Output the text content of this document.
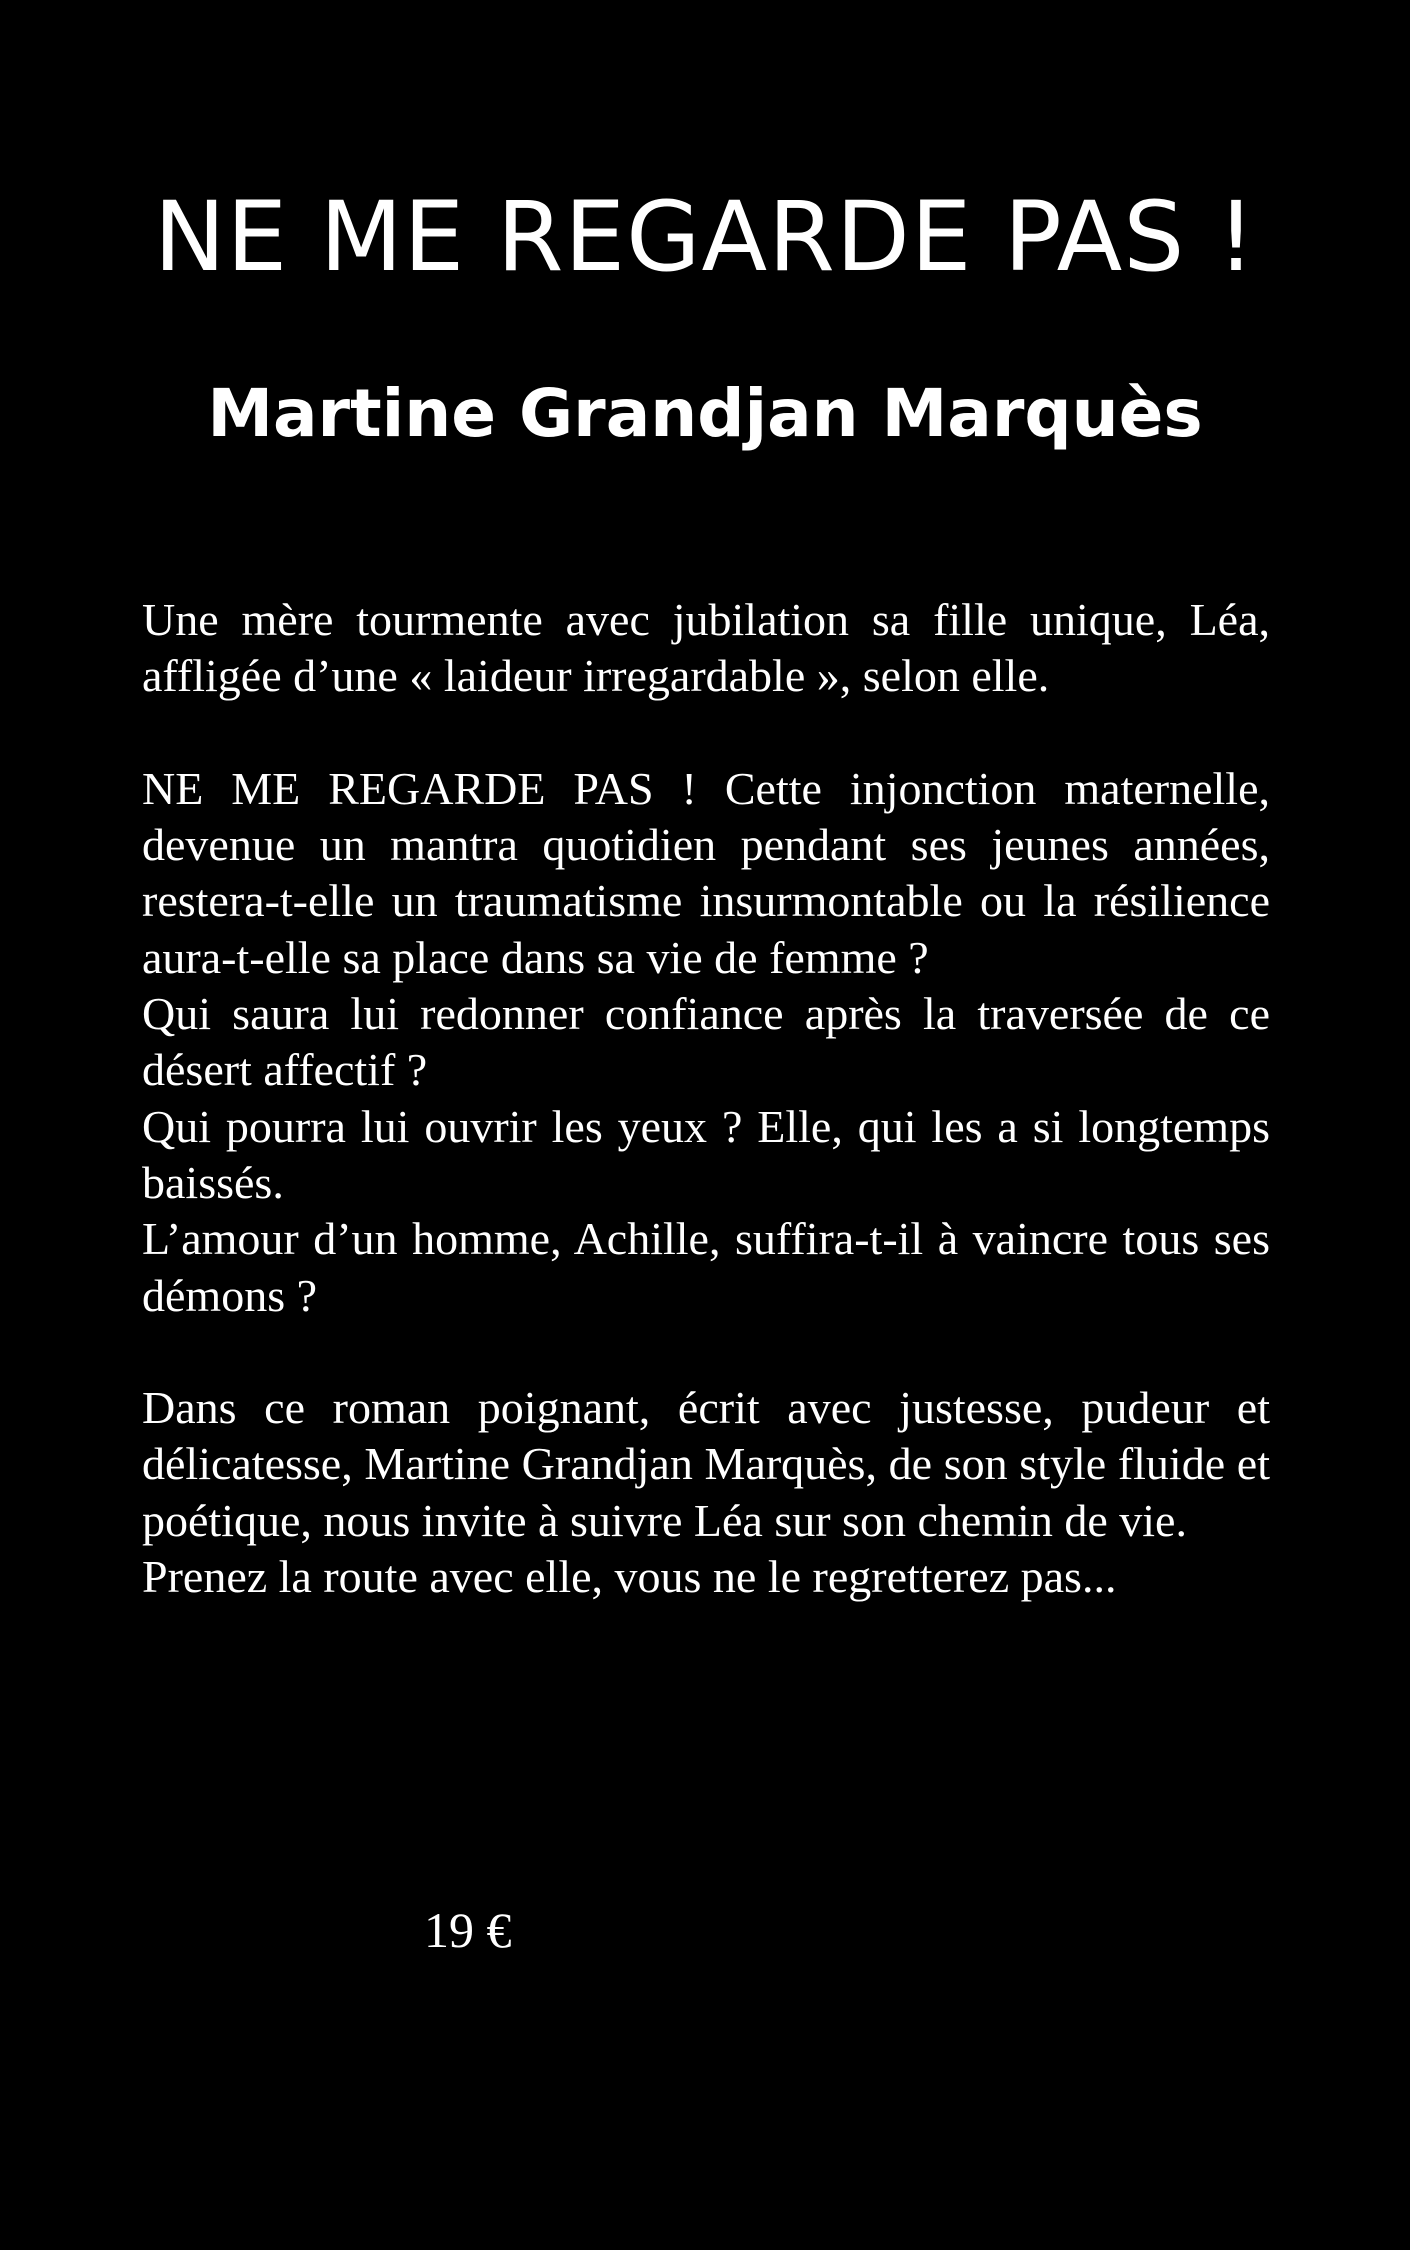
NE ME REGARDE PAS !
Martine Grandjan Marquès

Une mère tourmente avec jubilation sa fille unique, Léa, affligée d’une « laideur irregardable », selon elle.

NE ME REGARDE PAS ! Cette injonction maternelle, devenue un mantra quotidien pendant ses jeunes années, restera-t-elle un traumatisme insurmontable ou la résilience aura-t-elle sa place dans sa vie de femme ?

Qui saura lui redonner confiance après la traversée de ce désert affectif ?

Qui pourra lui ouvrir les yeux ? Elle, qui les a si longtemps baissés.

L’amour d’un homme, Achille, suffira-t-il à vaincre tous ses démons ?

Dans ce roman poignant, écrit avec justesse, pudeur et délicatesse, Martine Grandjan Marquès, de son style fluide et poétique, nous invite à suivre Léa sur son chemin de vie.

Prenez la route avec elle, vous ne le regretterez pas...

19 €
